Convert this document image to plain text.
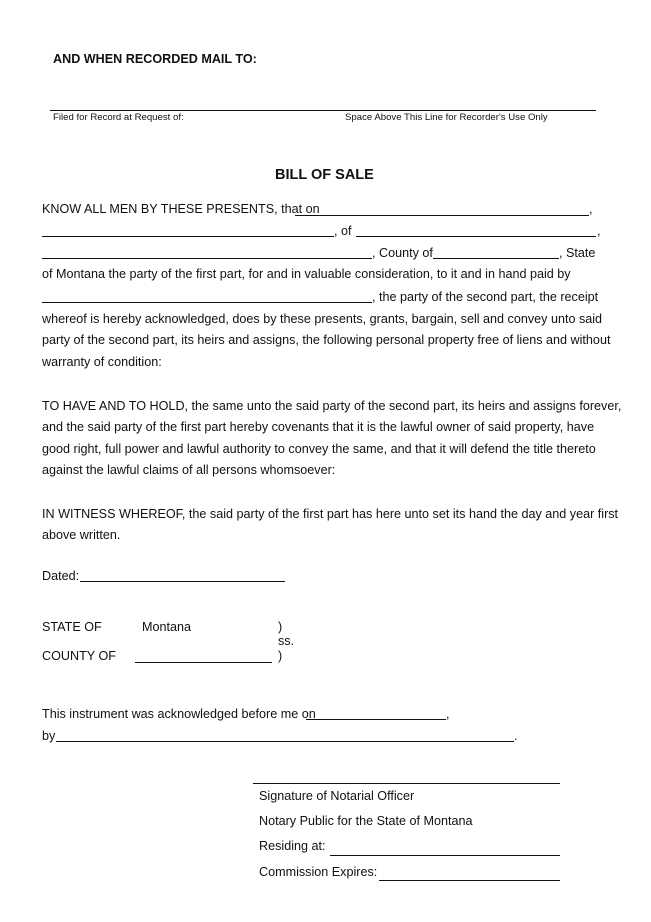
AND WHEN RECORDED MAIL TO:
Filed for Record at Request of:	Space Above This Line for Recorder's Use Only
BILL OF SALE
KNOW ALL MEN BY THESE PRESENTS, that on	,
, of	,
, County of	, State
of Montana the party of the first part, for and in valuable consideration, to it and in hand paid by
, the party of the second part, the receipt
whereof is hereby acknowledged, does by these presents, grants, bargain, sell and convey unto said
party of the second part, its heirs and assigns, the following personal property free of liens and without
warranty of condition:
TO HAVE AND TO HOLD, the same unto the said party of the second part, its heirs and assigns forever,
and the said party of the first part hereby covenants that it is the lawful owner of said property, have
good right, full power and lawful authority to convey the same, and that it will defend the title thereto
against the lawful claims of all persons whomsoever:
IN WITNESS WHEREOF, the said party of the first part has here unto set its hand the day and year first
above written.
Dated:
STATE OF	Montana	)
ss.
COUNTY OF	)
This instrument was acknowledged before me on	,
by	.
Signature of Notarial Officer
Notary Public for the State of Montana
Residing at:
Commission Expires:
